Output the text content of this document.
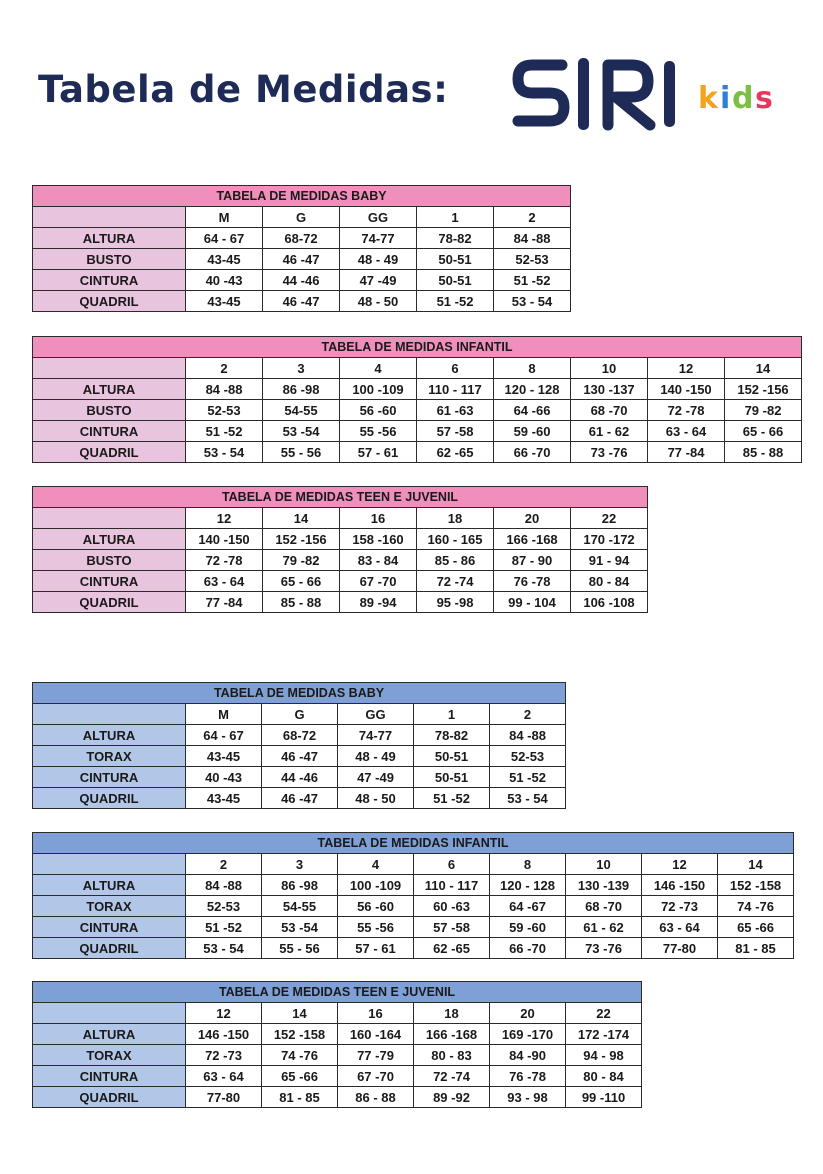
Tabela de Medidas:	k i d s
TABELA DE MEDIDAS BABY					
	M	G	GG	1	2
ALTURA	64 - 67	68-72	74-77	78-82	84 -88
BUSTO	43-45	46 -47	48 - 49	50-51	52-53
CINTURA	40 -43	44 -46	47 -49	50-51	51 -52
QUADRIL	43-45	46 -47	48 - 50	51 -52	53 - 54
TABELA DE MEDIDAS INFANTIL								
	2	3	4	6	8	10	12	14
ALTURA	84 -88	86 -98	100 -109	110 - 117	120 - 128	130 -137	140 -150	152 -156
BUSTO	52-53	54-55	56 -60	61 -63	64 -66	68 -70	72 -78	79 -82
CINTURA	51 -52	53 -54	55 -56	57 -58	59 -60	61 - 62	63 - 64	65 - 66
QUADRIL	53 - 54	55 - 56	57 - 61	62 -65	66 -70	73 -76	77 -84	85 - 88
TABELA DE MEDIDAS TEEN E JUVENIL						
	12	14	16	18	20	22
ALTURA	140 -150	152 -156	158 -160	160 - 165	166 -168	170 -172
BUSTO	72 -78	79 -82	83 - 84	85 - 86	87 - 90	91 - 94
CINTURA	63 - 64	65 - 66	67 -70	72 -74	76 -78	80 - 84
QUADRIL	77 -84	85 - 88	89 -94	95 -98	99 - 104	106 -108
TABELA DE MEDIDAS BABY					
	M	G	GG	1	2
ALTURA	64 - 67	68-72	74-77	78-82	84 -88
TORAX	43-45	46 -47	48 - 49	50-51	52-53
CINTURA	40 -43	44 -46	47 -49	50-51	51 -52
QUADRIL	43-45	46 -47	48 - 50	51 -52	53 - 54
TABELA DE MEDIDAS INFANTIL								
	2	3	4	6	8	10	12	14
ALTURA	84 -88	86 -98	100 -109	110 - 117	120 - 128	130 -139	146 -150	152 -158
TORAX	52-53	54-55	56 -60	60 -63	64 -67	68 -70	72 -73	74 -76
CINTURA	51 -52	53 -54	55 -56	57 -58	59 -60	61 - 62	63 - 64	65 -66
QUADRIL	53 - 54	55 - 56	57 - 61	62 -65	66 -70	73 -76	77-80	81 - 85
TABELA DE MEDIDAS TEEN E JUVENIL						
	12	14	16	18	20	22
ALTURA	146 -150	152 -158	160 -164	166 -168	169 -170	172 -174
TORAX	72 -73	74 -76	77 -79	80 - 83	84 -90	94 - 98
CINTURA	63 - 64	65 -66	67 -70	72 -74	76 -78	80 - 84
QUADRIL	77-80	81 - 85	86 - 88	89 -92	93 - 98	99 -110
